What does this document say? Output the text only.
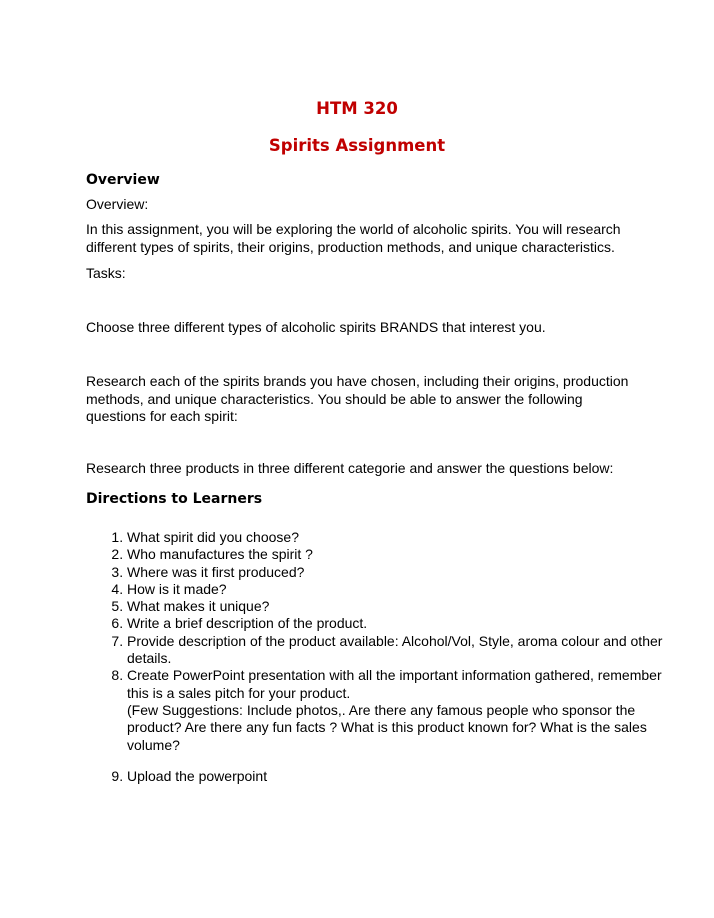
HTM 320
Spirits Assignment
Overview

Overview:

In this assignment, you will be exploring the world of alcoholic spirits. You will research different types of spirits, their origins, production methods, and unique characteristics.

Tasks:

Choose three different types of alcoholic spirits BRANDS that interest you.

Research each of the spirits brands you have chosen, including their origins, production methods, and unique characteristics. You should be able to answer the following questions for each spirit:

Research three products in three different categorie and answer the questions below:

Directions to Learners
1. What spirit did you choose?
2. Who manufactures the spirit ?
3. Where was it first produced?
4. How is it made?
5. What makes it unique?
6. Write a brief description of the product.
7. Provide description of the product available: Alcohol/Vol, Style, aroma colour and other details.
8. Create PowerPoint presentation with all the important information gathered, remember this is a sales pitch for your product.
(Few Suggestions: Include photos,. Are there any famous people who sponsor the product? Are there any fun facts ? What is this product known for? What is the sales volume?
9. Upload the powerpoint
